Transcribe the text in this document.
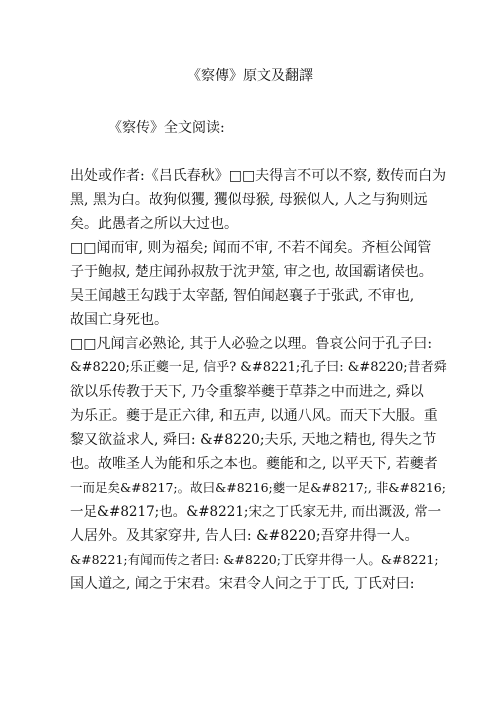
《察傳》原文及翻譯
《察传》全文阅读:
出处或作者:《吕氏春秋》□□夫得言不可以不察, 数传而白为
黑, 黑为白。故狗似玃, 玃似母猴, 母猴似人, 人之与狗则远
矣。此愚者之所以大过也。
□□闻而审, 则为福矣; 闻而不审, 不若不闻矣。齐桓公闻管
子于鲍叔, 楚庄闻孙叔敖于沈尹筮, 审之也, 故国霸诸侯也。
吴王闻越王勾践于太宰嚭, 智伯闻赵襄子于张武, 不审也,
故国亡身死也。
□□凡闻言必熟论, 其于人必验之以理。鲁哀公问于孔子曰:
&#8220;乐正夔一足, 信乎? &#8221;孔子曰: &#8220;昔者舜
欲以乐传教于天下, 乃令重黎举夔于草莽之中而进之, 舜以
为乐正。夔于是正六律, 和五声, 以通八风。而天下大服。重
黎又欲益求人, 舜曰: &#8220;夫乐, 天地之精也, 得失之节
也。故唯圣人为能和乐之本也。夔能和之, 以平天下, 若夔者
一而足矣&#8217;。故曰&#8216;夔一足&#8217;, 非&#8216;
一足&#8217;也。&#8221;宋之丁氏家无井, 而出溉汲, 常一
人居外。及其家穿井, 告人曰: &#8220;吾穿井得一人。
&#8221;有闻而传之者曰: &#8220;丁氏穿井得一人。&#8221;
国人道之, 闻之于宋君。宋君令人问之于丁氏, 丁氏对曰:
